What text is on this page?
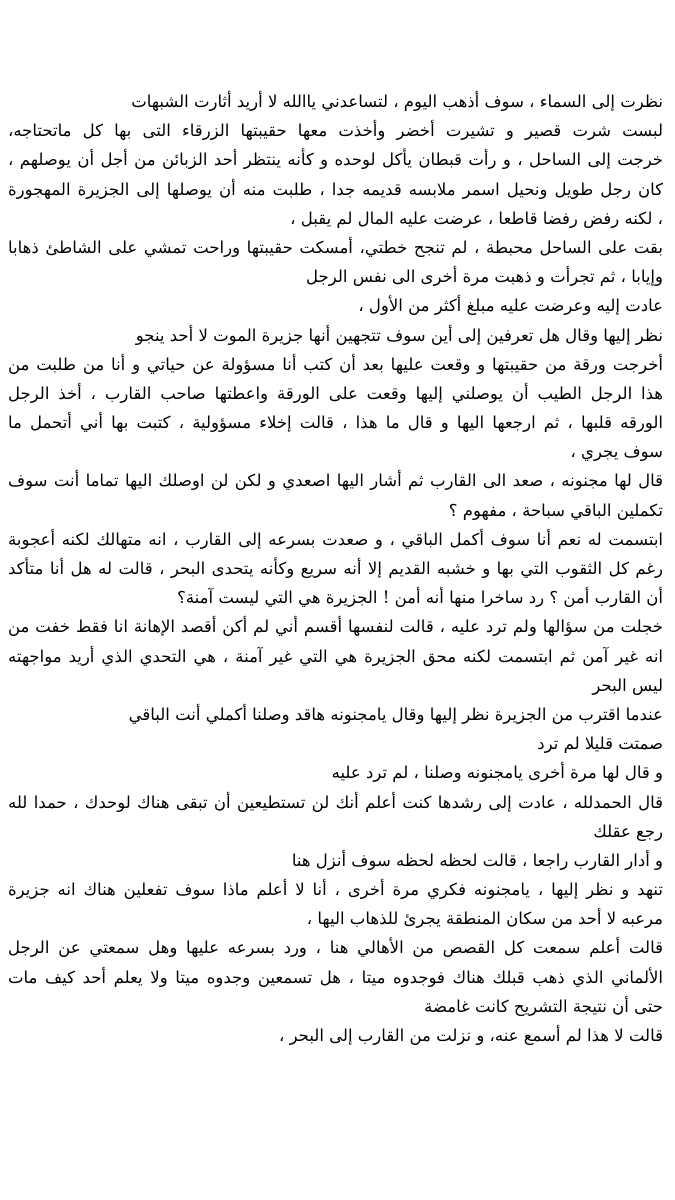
نظرت إلى السماء ، سوف أذهب اليوم ، لتساعدني ياالله لا أريد أثارت الشبهات
لبست شرت قصير و تشيرت أخضر وأخذت معها حقيبتها الزرقاء التى بها كل ماتحتاجه،
خرجت إلى الساحل ، و رأت قبطان يأكل لوحده و كأنه ينتظر أحد الزبائن من أجل أن يوصلهم ،
كان رجل طويل ونحيل اسمر ملابسه قديمه جدا ، طلبت منه أن يوصلها إلى الجزيرة المهجورة
، لكنه رفض رفضا قاطعا ، عرضت عليه المال لم يقبل ،
بقت على الساحل محبطة ، لم تنجح خطتي، أمسكت حقيبتها وراحت تمشي على الشاطئ ذهابا
وإيابا ، ثم تجرأت و ذهبت مرة أخرى الى نفس الرجل
عادت إليه وعرضت عليه مبلغ أكثر من الأول ،
نظر إليها وقال هل تعرفين إلى أين سوف تتجهين أنها جزيرة الموت لا أحد ينجو
أخرجت ورقة من حقيبتها و وقعت عليها بعد أن كتب أنا مسؤولة عن حياتي و أنا من طلبت من
هذا الرجل الطيب أن يوصلني إليها وقعت على الورقة واعطتها صاحب القارب ، أخذ الرجل
الورقه قلبها ، ثم ارجعها اليها و قال ما هذا ، قالت إخلاء مسؤولية ، كتبت بها أني أتحمل ما
سوف يجري ،
قال لها مجنونه ، صعد الى القارب ثم أشار اليها اصعدي و لكن لن اوصلك اليها تماما أنت سوف
تكملين الباقي سباحة ، مفهوم ؟
ابتسمت له نعم أنا سوف أكمل الباقي ، و صعدت بسرعه إلى القارب ، انه متهالك لكنه أعجوبة
رغم كل الثقوب التي بها و خشبه القديم إلا أنه سريع وكأنه يتحدى البحر ، قالت له هل أنا متأكد
أن القارب أمن ؟ رد ساخرا منها أنه أمن ! الجزيرة هي التي ليست آمنة؟
خجلت من سؤالها ولم ترد عليه ، قالت لنفسها أقسم أني لم أكن أقصد الإهانة انا فقط خفت من
انه غير آمن ثم ابتسمت لكنه محق الجزيرة هي التي غير آمنة ، هي التحدي الذي أريد مواجهته
ليس البحر
عندما اقترب من الجزيرة نظر إليها وقال يامجنونه هاقد وصلنا أكملي أنت الباقي
صمتت قليلا لم ترد
و قال لها مرة أخرى يامجنونه وصلنا ، لم ترد عليه
قال الحمدلله ، عادت إلى رشدها كنت أعلم أنك لن تستطيعين أن تبقى هناك لوحدك ، حمدا لله
رجع عقلك
و أدار القارب راجعا ، قالت لحظه لحظه سوف أنزل هنا
تنهد و نظر إليها ، يامجنونه فكري مرة أخرى ، أنا لا أعلم ماذا سوف تفعلين هناك انه جزيرة
مرعبه لا أحد من سكان المنطقة يجرئ للذهاب اليها ،
قالت أعلم سمعت كل القصص من الأهالي هنا ، ورد بسرعه عليها وهل سمعتي عن الرجل
الألماني الذي ذهب قبلك هناك فوجدوه ميتا ، هل تسمعين وجدوه ميتا ولا يعلم أحد كيف مات
حتى أن نتيجة التشريح كانت غامضة
قالت لا هذا لم أسمع عنه، و نزلت من القارب إلى البحر ،
